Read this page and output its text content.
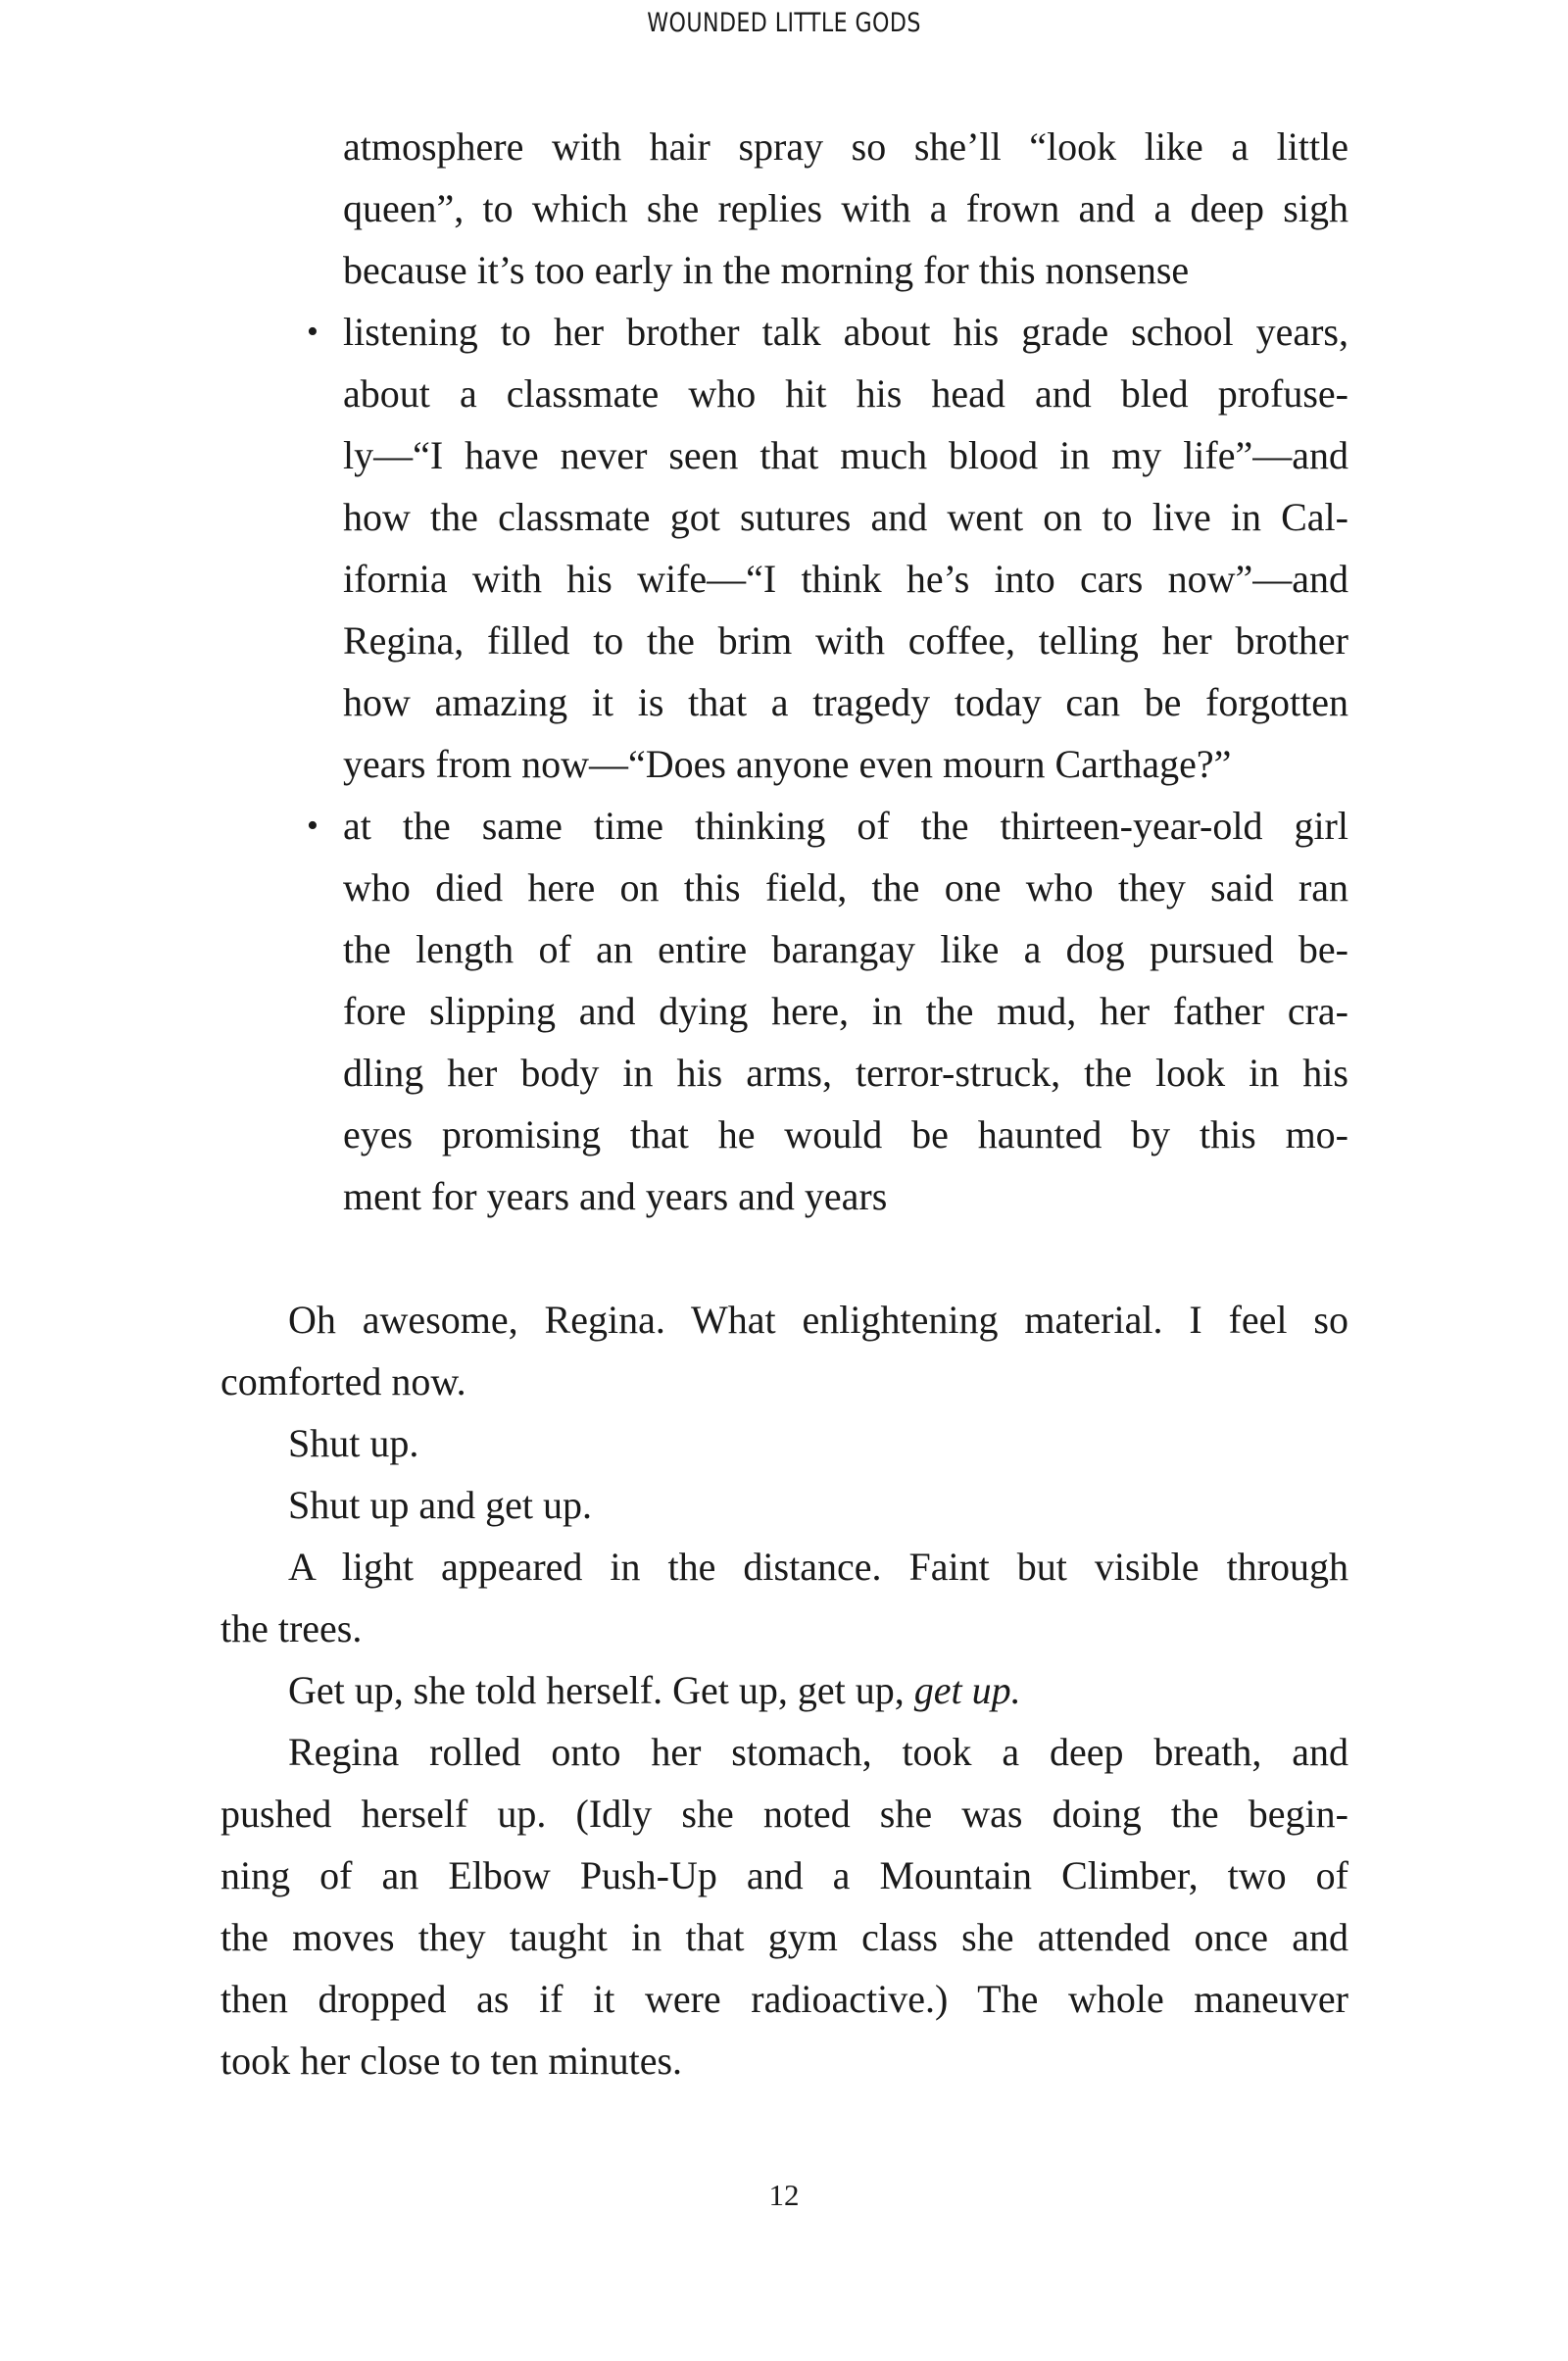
WOUNDED LITTLE GODS
atmosphere with hair spray so she’ll “look like a little
queen”, to which she replies with a frown and a deep sigh
because it’s too early in the morning for this nonsense
• listening to her brother talk about his grade school years,
about a classmate who hit his head and bled profuse-
ly—“I have never seen that much blood in my life”—and
how the classmate got sutures and went on to live in Cal-
ifornia with his wife—“I think he’s into cars now”—and
Regina, filled to the brim with coffee, telling her brother
how amazing it is that a tragedy today can be forgotten
years from now—“Does anyone even mourn Carthage?”
• at the same time thinking of the thirteen-year-old girl
who died here on this field, the one who they said ran
the length of an entire barangay like a dog pursued be-
fore slipping and dying here, in the mud, her father cra-
dling her body in his arms, terror-struck, the look in his
eyes promising that he would be haunted by this mo-
ment for years and years and years
Oh awesome, Regina. What enlightening material. I feel so
comforted now.
Shut up.
Shut up and get up.
A light appeared in the distance. Faint but visible through
the trees.
Get up, she told herself. Get up, get up, get up.
Regina rolled onto her stomach, took a deep breath, and
pushed herself up. (Idly she noted she was doing the begin-
ning of an Elbow Push-Up and a Mountain Climber, two of
the moves they taught in that gym class she attended once and
then dropped as if it were radioactive.) The whole maneuver
took her close to ten minutes.
12
